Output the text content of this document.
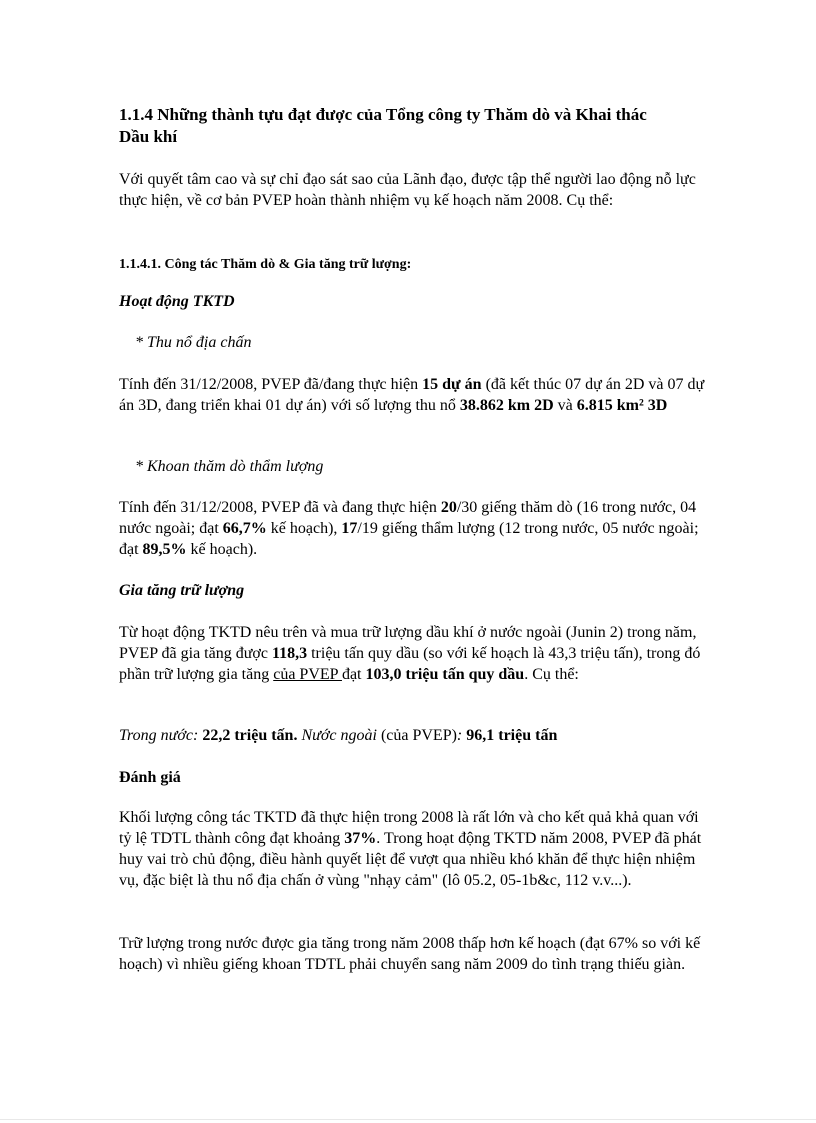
1.1.4 Những thành tựu đạt được của Tổng công ty Thăm dò và Khai thác
Dầu khí
Với quyết tâm cao và sự chỉ đạo sát sao của Lãnh đạo, được tập thể người lao động nỗ lực thực hiện, về cơ bản PVEP hoàn thành nhiệm vụ kế hoạch năm 2008. Cụ thể:
1.1.4.1. Công tác Thăm dò & Gia tăng trữ lượng:
Hoạt động TKTD
* Thu nổ địa chấn
Tính đến 31/12/2008, PVEP đã/đang thực hiện 15 dự án (đã kết thúc 07 dự án 2D và 07 dự án 3D, đang triển khai 01 dự án) với số lượng thu nổ 38.862 km 2D và 6.815 km² 3D
* Khoan thăm dò thẩm lượng
Tính đến 31/12/2008, PVEP đã và đang thực hiện 20/30 giếng thăm dò (16 trong nước, 04 nước ngoài; đạt 66,7% kế hoạch), 17/19 giếng thẩm lượng (12 trong nước, 05 nước ngoài; đạt 89,5% kế hoạch).
Gia tăng trữ lượng
Từ hoạt động TKTD nêu trên và mua trữ lượng dầu khí ở nước ngoài (Junin 2) trong năm, PVEP đã gia tăng được 118,3 triệu tấn quy dầu (so với kế hoạch là 43,3 triệu tấn), trong đó phần trữ lượng gia tăng của PVEP đạt 103,0 triệu tấn quy dầu. Cụ thể:
Trong nước: 22,2 triệu tấn. Nước ngoài (của PVEP): 96,1 triệu tấn
Đánh giá
Khối lượng công tác TKTD đã thực hiện trong 2008 là rất lớn và cho kết quả khả quan với tỷ lệ TDTL thành công đạt khoảng 37%. Trong hoạt động TKTD năm 2008, PVEP đã phát huy vai trò chủ động, điều hành quyết liệt để vượt qua nhiều khó khăn để thực hiện nhiệm vụ, đặc biệt là thu nổ địa chấn ở vùng "nhạy cảm" (lô 05.2, 05-1b&c, 112 v.v...).
Trữ lượng trong nước được gia tăng trong năm 2008 thấp hơn kế hoạch (đạt 67% so với kế hoạch) vì nhiều giếng khoan TDTL phải chuyển sang năm 2009 do tình trạng thiếu giàn.
